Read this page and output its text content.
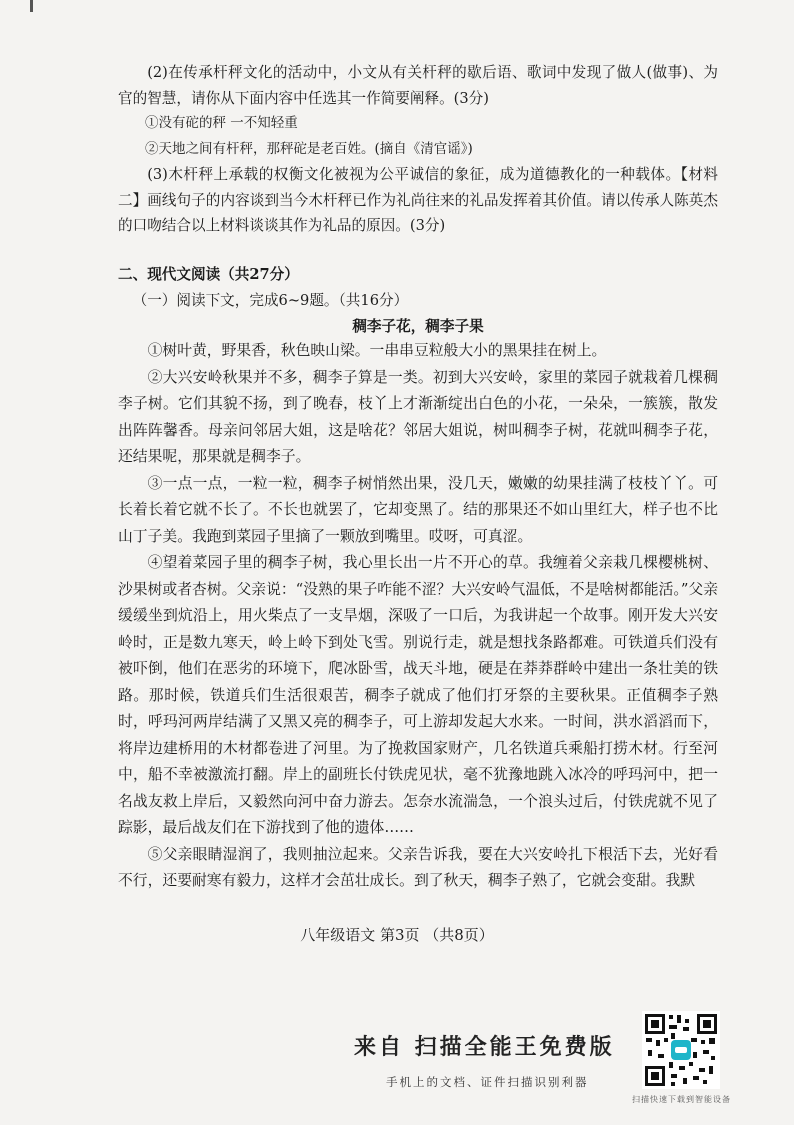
(2)在传承杆秤文化的活动中，小文从有关杆秤的歇后语、歌词中发现了做人(做事)、为官的智慧，请你从下面内容中任选其一作简要阐释。(3分)

①没有砣的秤 一不知轻重

②天地之间有杆秤，那秤砣是老百姓。(摘自《清官谣》)

(3)木杆秤上承载的权衡文化被视为公平诚信的象征，成为道德教化的一种载体。【材料二】画线句子的内容谈到当今木杆秤已作为礼尚往来的礼品发挥着其价值。请以传承人陈英杰的口吻结合以上材料谈谈其作为礼品的原因。(3分)

二、现代文阅读（共27分）

（一）阅读下文，完成6~9题。（共16分）

稠李子花，稠李子果

①树叶黄，野果香，秋色映山梁。一串串豆粒般大小的黑果挂在树上。

②大兴安岭秋果并不多，稠李子算是一类。初到大兴安岭，家里的菜园子就栽着几棵稠李子树。它们其貌不扬，到了晚春，枝丫上才渐渐绽出白色的小花，一朵朵，一簇簇，散发出阵阵馨香。母亲问邻居大姐，这是啥花？邻居大姐说，树叫稠李子树，花就叫稠李子花，还结果呢，那果就是稠李子。

③一点一点，一粒一粒，稠李子树悄然出果，没几天，嫩嫩的幼果挂满了枝枝丫丫。可长着长着它就不长了。不长也就罢了，它却变黑了。结的那果还不如山里红大，样子也不比山丁子美。我跑到菜园子里摘了一颗放到嘴里。哎呀，可真涩。

④望着菜园子里的稠李子树，我心里长出一片不开心的草。我缠着父亲栽几棵樱桃树、沙果树或者杏树。父亲说：“没熟的果子咋能不涩？大兴安岭气温低，不是啥树都能活。”父亲缓缓坐到炕沿上，用火柴点了一支旱烟，深吸了一口后，为我讲起一个故事。刚开发大兴安岭时，正是数九寒天，岭上岭下到处飞雪。别说行走，就是想找条路都难。可铁道兵们没有被吓倒，他们在恶劣的环境下，爬冰卧雪，战天斗地，硬是在莽莽群岭中建出一条壮美的铁路。那时候，铁道兵们生活很艰苦，稠李子就成了他们打牙祭的主要秋果。正值稠李子熟时，呼玛河两岸结满了又黑又亮的稠李子，可上游却发起大水来。一时间，洪水滔滔而下，将岸边建桥用的木材都卷进了河里。为了挽救国家财产，几名铁道兵乘船打捞木材。行至河中，船不幸被激流打翻。岸上的副班长付铁虎见状，毫不犹豫地跳入冰冷的呼玛河中，把一名战友救上岸后，又毅然向河中奋力游去。怎奈水流湍急，一个浪头过后，付铁虎就不见了踪影，最后战友们在下游找到了他的遗体……

⑤父亲眼睛湿润了，我则抽泣起来。父亲告诉我，要在大兴安岭扎下根活下去，光好看不行，还要耐寒有毅力，这样才会茁壮成长。到了秋天，稠李子熟了，它就会变甜。我默

八年级语文 第3页 （共8页）
来自 扫描全能王免费版
手机上的文档、证件扫描识别利器
扫描快速下载到智能设备
